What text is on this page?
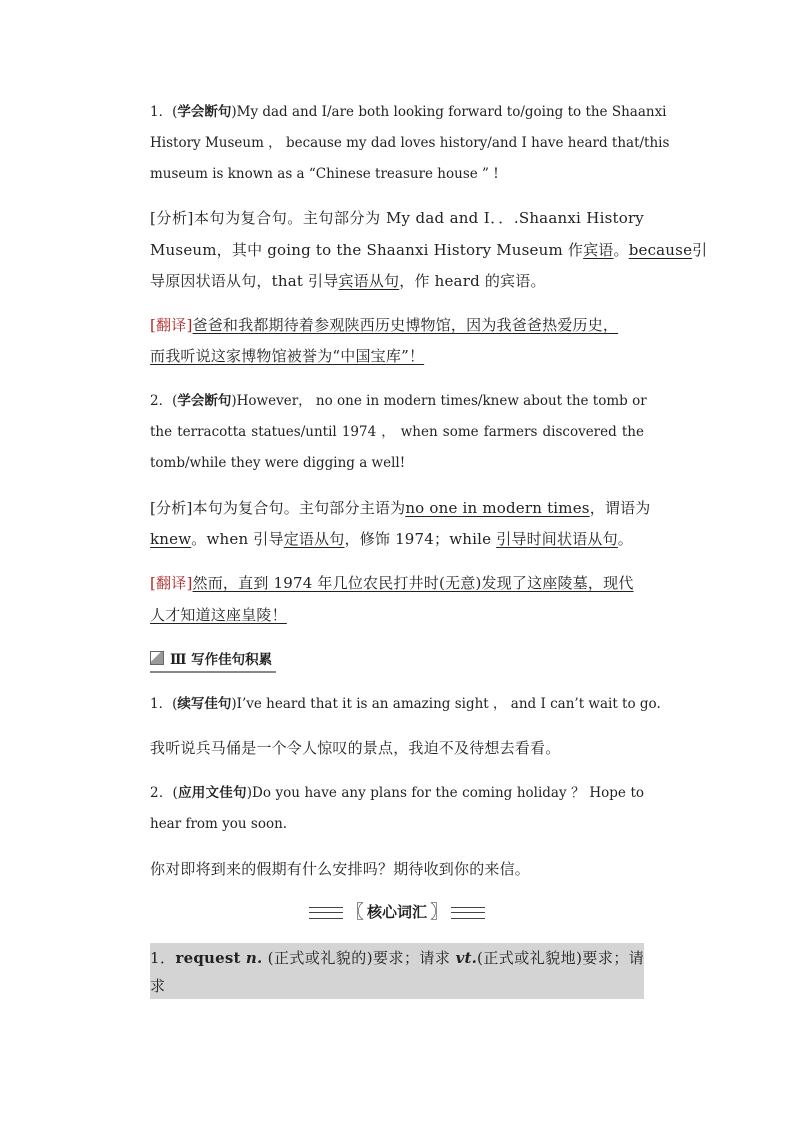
1．(学会断句)My dad and I/are both looking forward to/going to the Shaanxi
History Museum ， because my dad loves history/and I have heard that/this
museum is known as a “Chinese treasure house ” !
[分析]本句为复合句。主句部分为 My dad and I．．.Shaanxi History
Museum，其中 going to the Shaanxi History Museum 作宾语。because引
导原因状语从句，that 引导宾语从句，作 heard 的宾语。
[翻译]爸爸和我都期待着参观陕西历史博物馆，因为我爸爸热爱历史，
而我听说这家博物馆被誉为“中国宝库”！
2．(学会断句)However， no one in modern times/knew about the tomb or
the terracotta statues/until 1974 ， when some farmers discovered the
tomb/while they were digging a well!
[分析]本句为复合句。主句部分主语为no one in modern times，谓语为
knew。when 引导定语从句，修饰 1974；while 引导时间状语从句。
[翻译]然而，直到 1974 年几位农民打井时(无意)发现了这座陵墓，现代
人才知道这座皇陵！
Ⅲ 写作佳句积累
1．(续写佳句)I’ve heard that it is an amazing sight ， and I can’t wait to go.
我听说兵马俑是一个令人惊叹的景点，我迫不及待想去看看。
2．(应用文佳句)Do you have any plans for the coming holiday ？ Hope to
hear from you soon.
你对即将到来的假期有什么安排吗？期待收到你的来信。
〖 核心词汇 〗
1．request n. (正式或礼貌的)要求；请求 vt.(正式或礼貌地)要求；请
求
